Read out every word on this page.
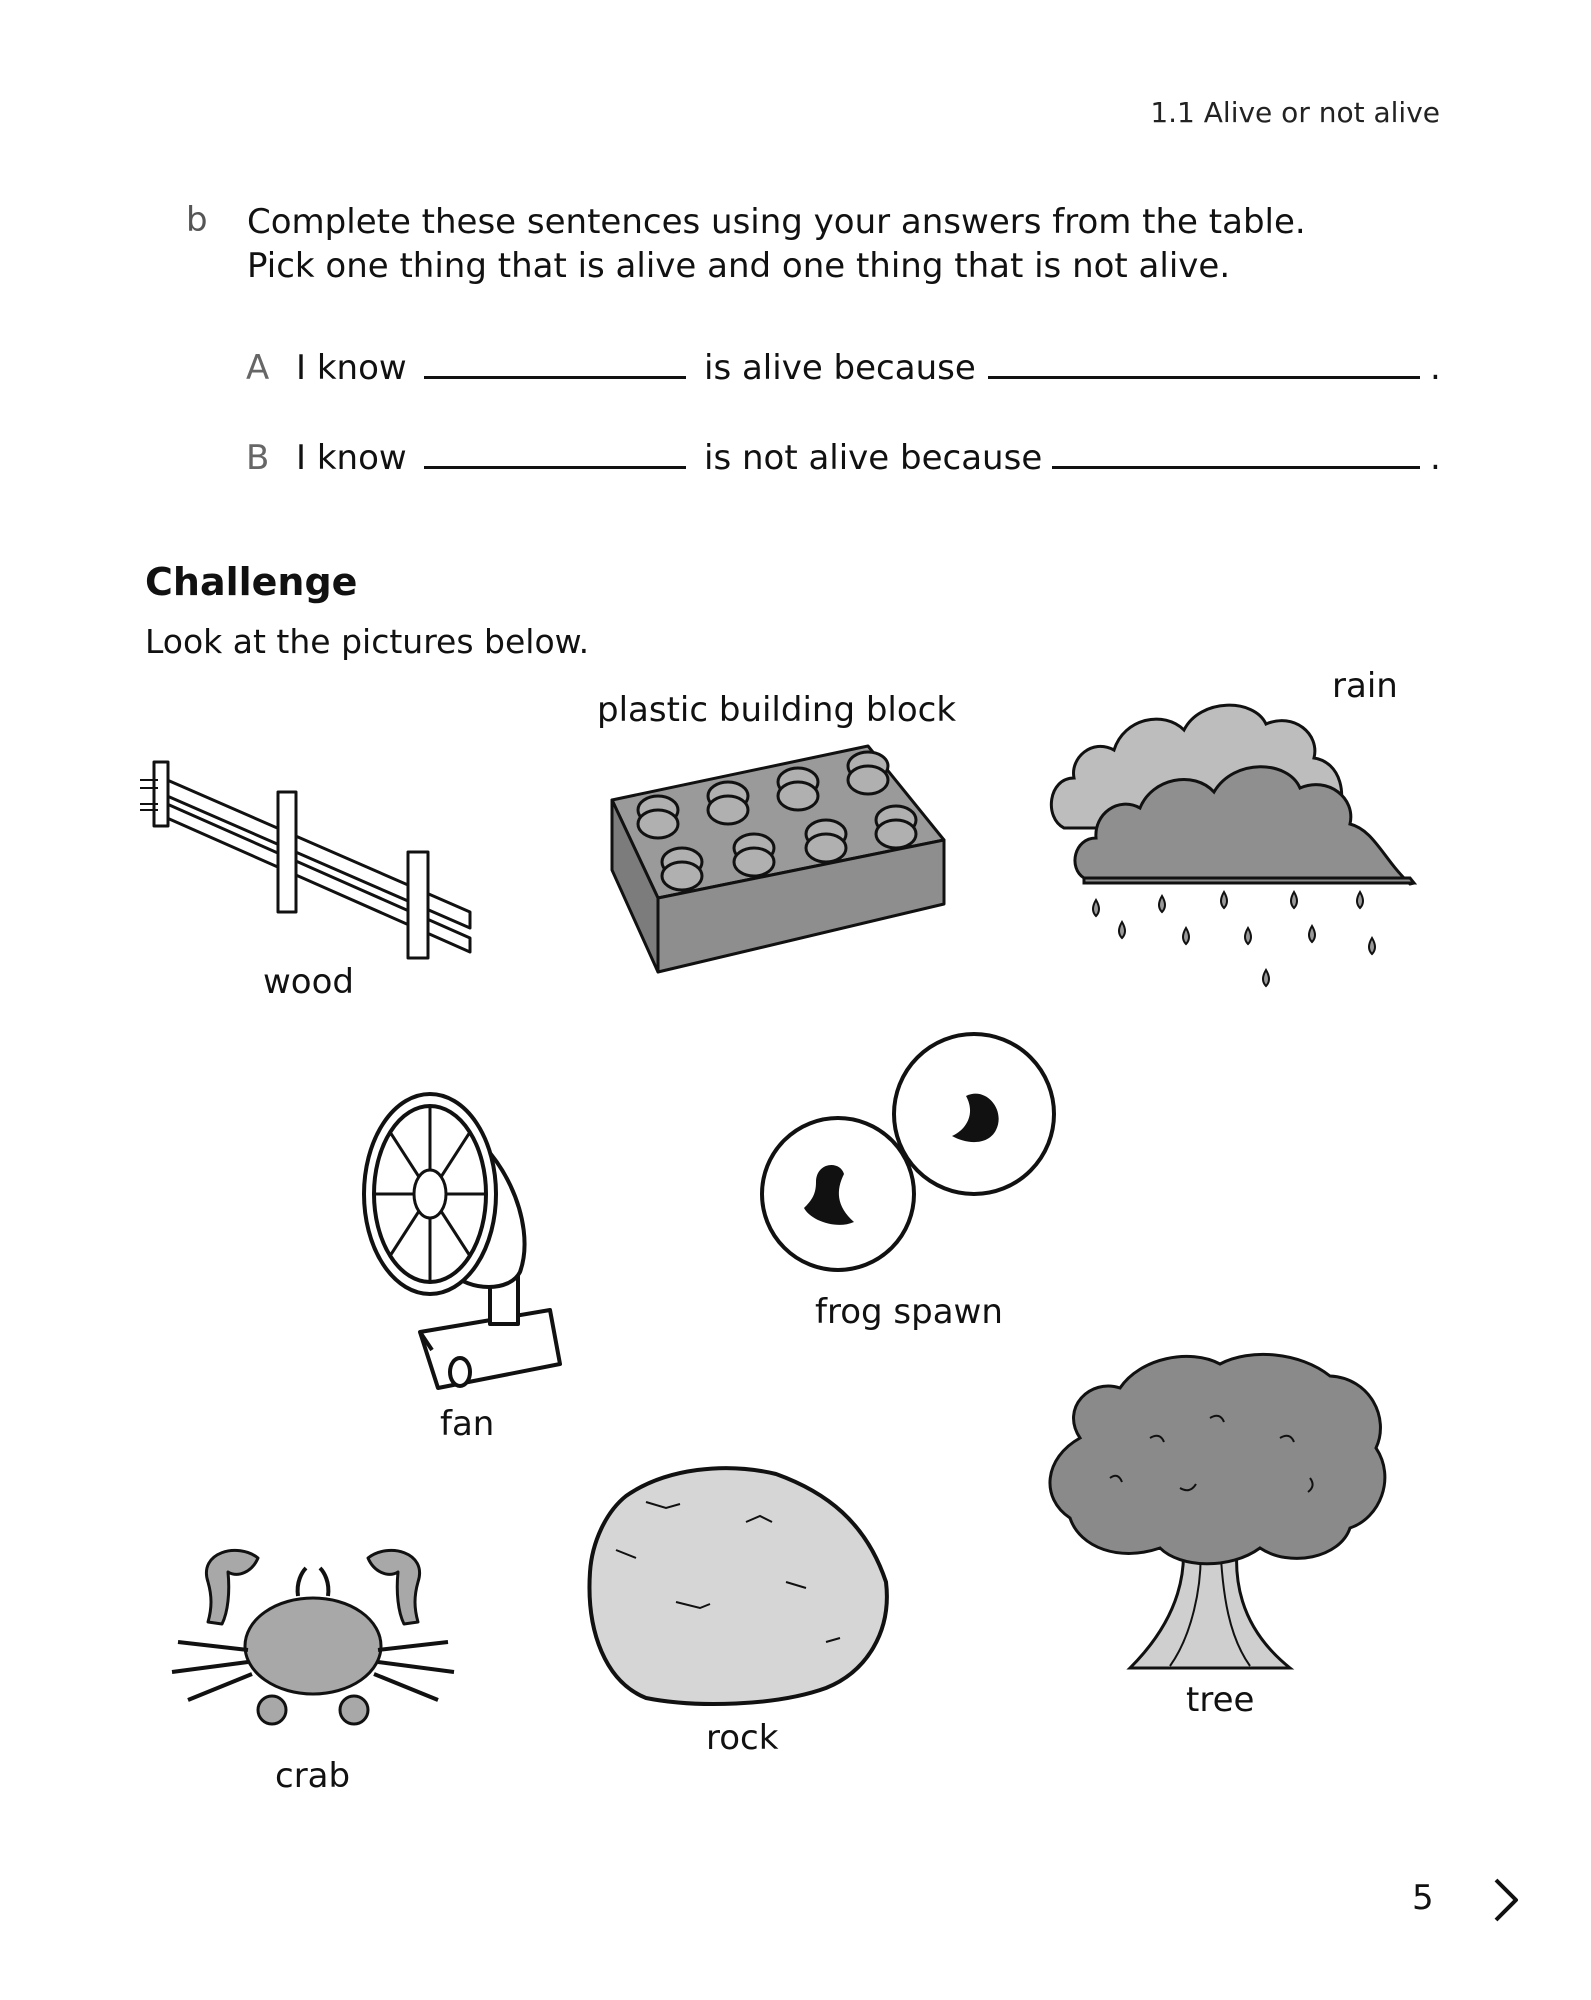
1.1 Alive or not alive
b Complete these sentences using your answers from the table.
Pick one thing that is alive and one thing that is not alive.
A I know	is alive because	.
B I know	is not alive because	.
Challenge
Look at the pictures below.
wood
plastic building block
rain
fan
frog spawn
tree
crab
rock
5
